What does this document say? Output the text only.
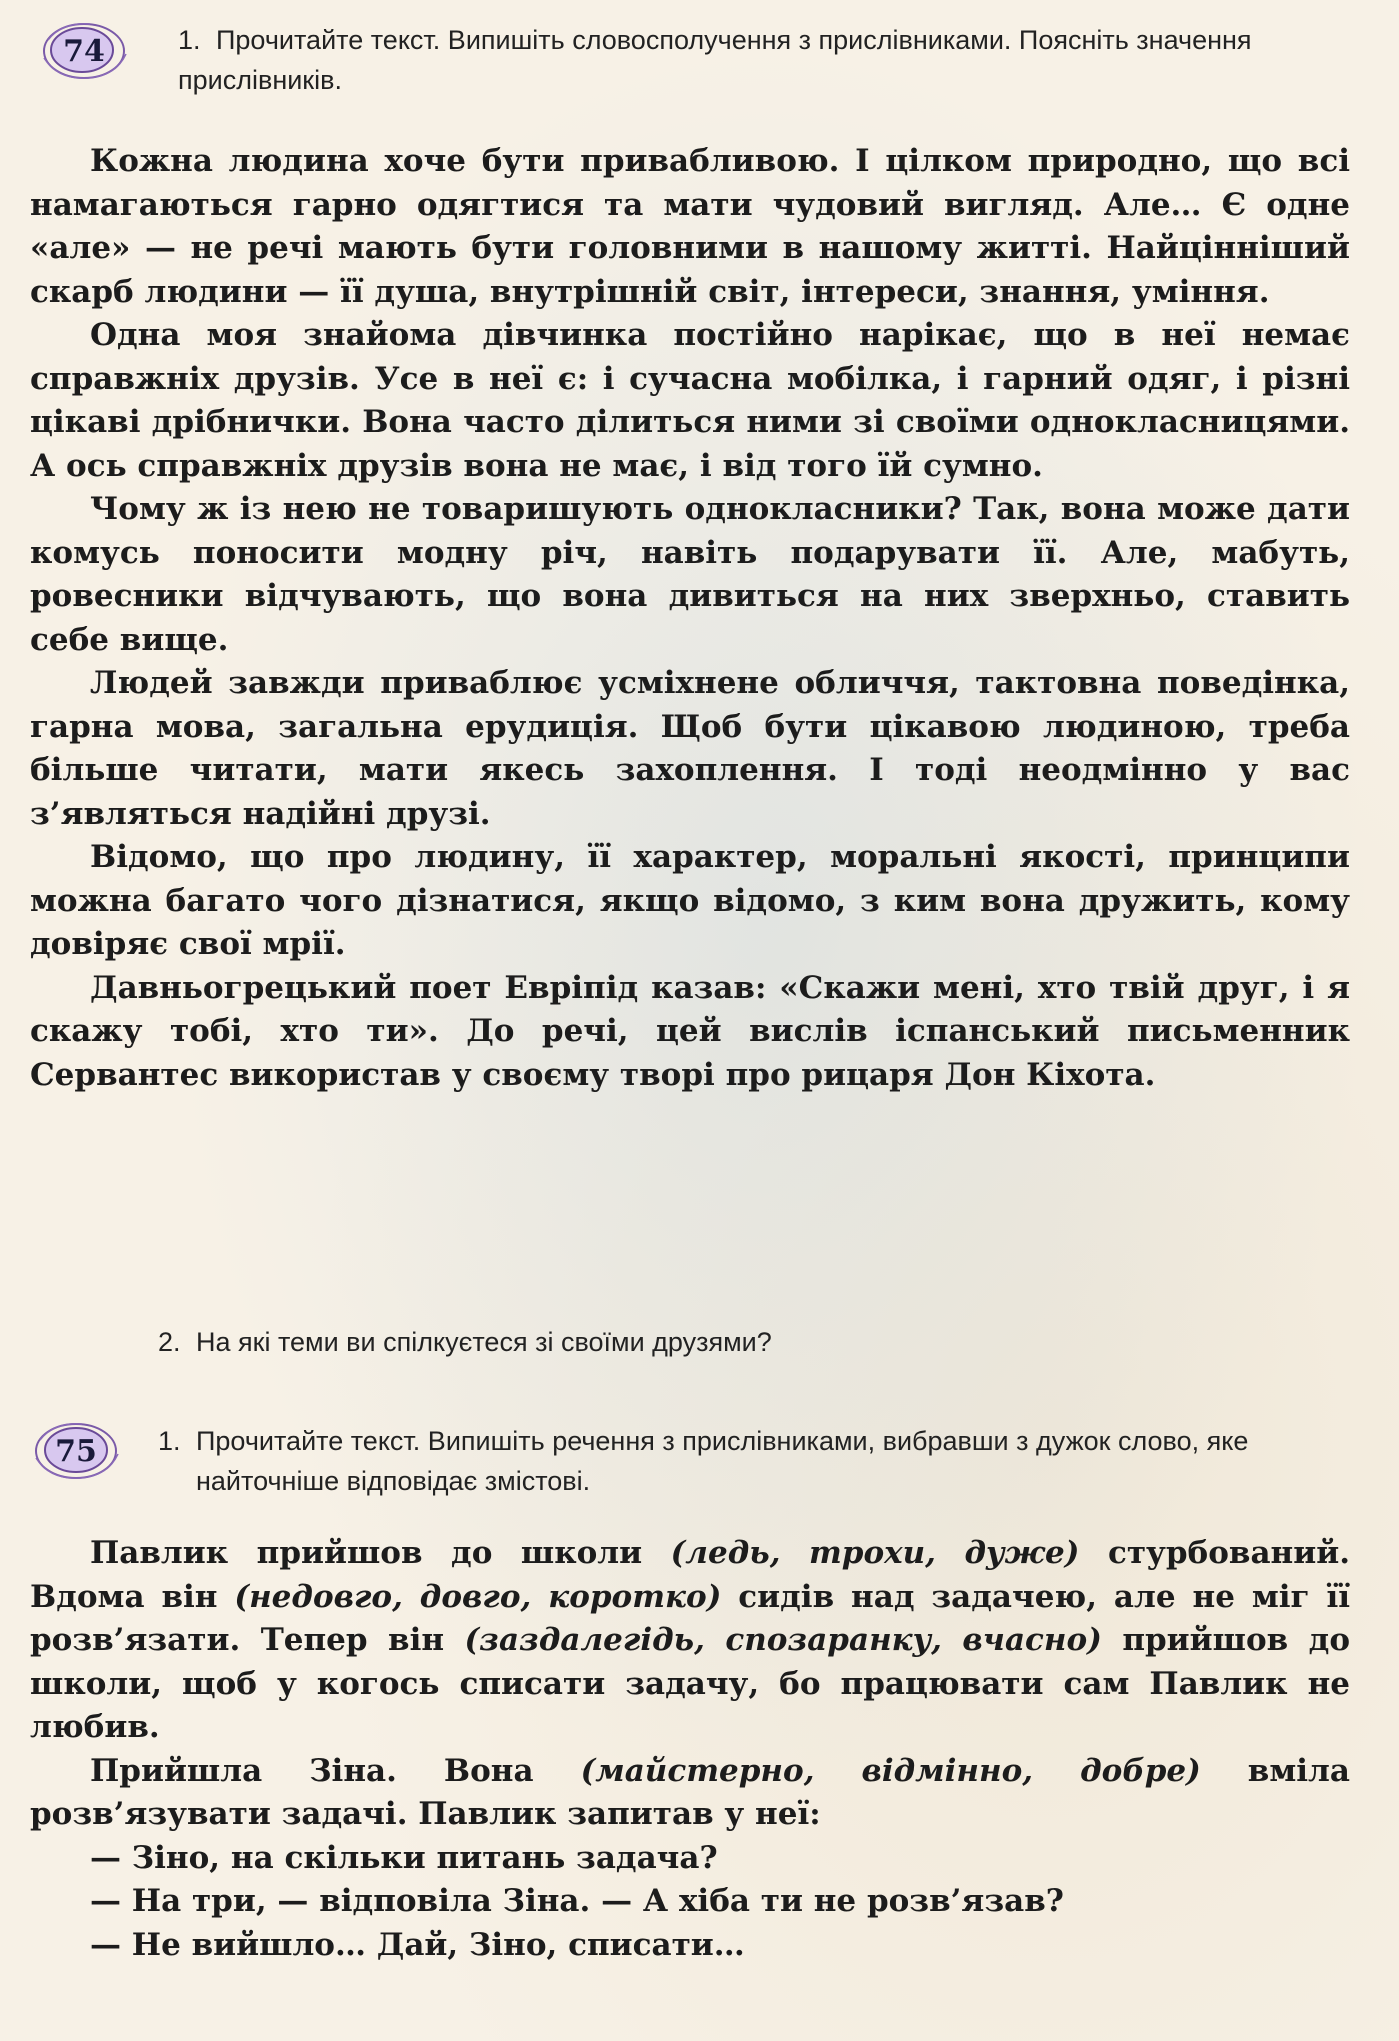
74	1. Прочитайте текст. Випишіть словосполучення з прислівниками. Поясніть значення прислівників.

Кожна людина хоче бути привабливою. І цілком природно, що всі намагаються гарно одягтися та мати чудовий вигляд. Але… Є одне «але» — не речі мають бути головними в нашому житті. Найцінніший скарб людини — її душа, внутрішній світ, інтереси, знання, уміння.

Одна моя знайома дівчинка постійно нарікає, що в неї немає справжніх друзів. Усе в неї є: і сучасна мобілка, і гарний одяг, і різні цікаві дрібнички. Вона часто ділиться ними зі своїми однокласницями. А ось справжніх друзів вона не має, і від того їй сумно.

Чому ж із нею не товаришують однокласники? Так, вона може дати комусь поносити модну річ, навіть подарувати її. Але, мабуть, ровесники відчувають, що вона дивиться на них зверхньо, ставить себе вище.

Людей завжди приваблює усміхнене обличчя, тактовна поведінка, гарна мова, загальна ерудиція. Щоб бути цікавою людиною, треба більше читати, мати якесь захоплення. І тоді неодмінно у вас з’являться надійні друзі.

Відомо, що про людину, її характер, моральні якості, принципи можна багато чого дізнатися, якщо відомо, з ким вона дружить, кому довіряє свої мрії.

Давньогрецький поет Евріпід казав: «Скажи мені, хто твій друг, і я скажу тобі, хто ти». До речі, цей вислів іспанський письменник Сервантес використав у своєму творі про рицаря Дон Кіхота.

2. На які теми ви спілкуєтеся зі своїми друзями?
75	1. Прочитайте текст. Випишіть речення з прислівниками, вибравши з дужок слово, яке найточніше відповідає змістові.

Павлик прийшов до школи (ледь, трохи, дуже) стурбований. Вдома він (недовго, довго, коротко) сидів над задачею, але не міг її розв’язати. Тепер він (заздалегідь, спозаранку, вчасно) прийшов до школи, щоб у когось списати задачу, бо працювати сам Павлик не любив.

Прийшла Зіна. Вона (майстерно, відмінно, добре) вміла розв’язувати задачі. Павлик запитав у неї:

— Зіно, на скільки питань задача?

— На три, — відповіла Зіна. — А хіба ти не розв’язав?

— Не вийшло… Дай, Зіно, списати…
